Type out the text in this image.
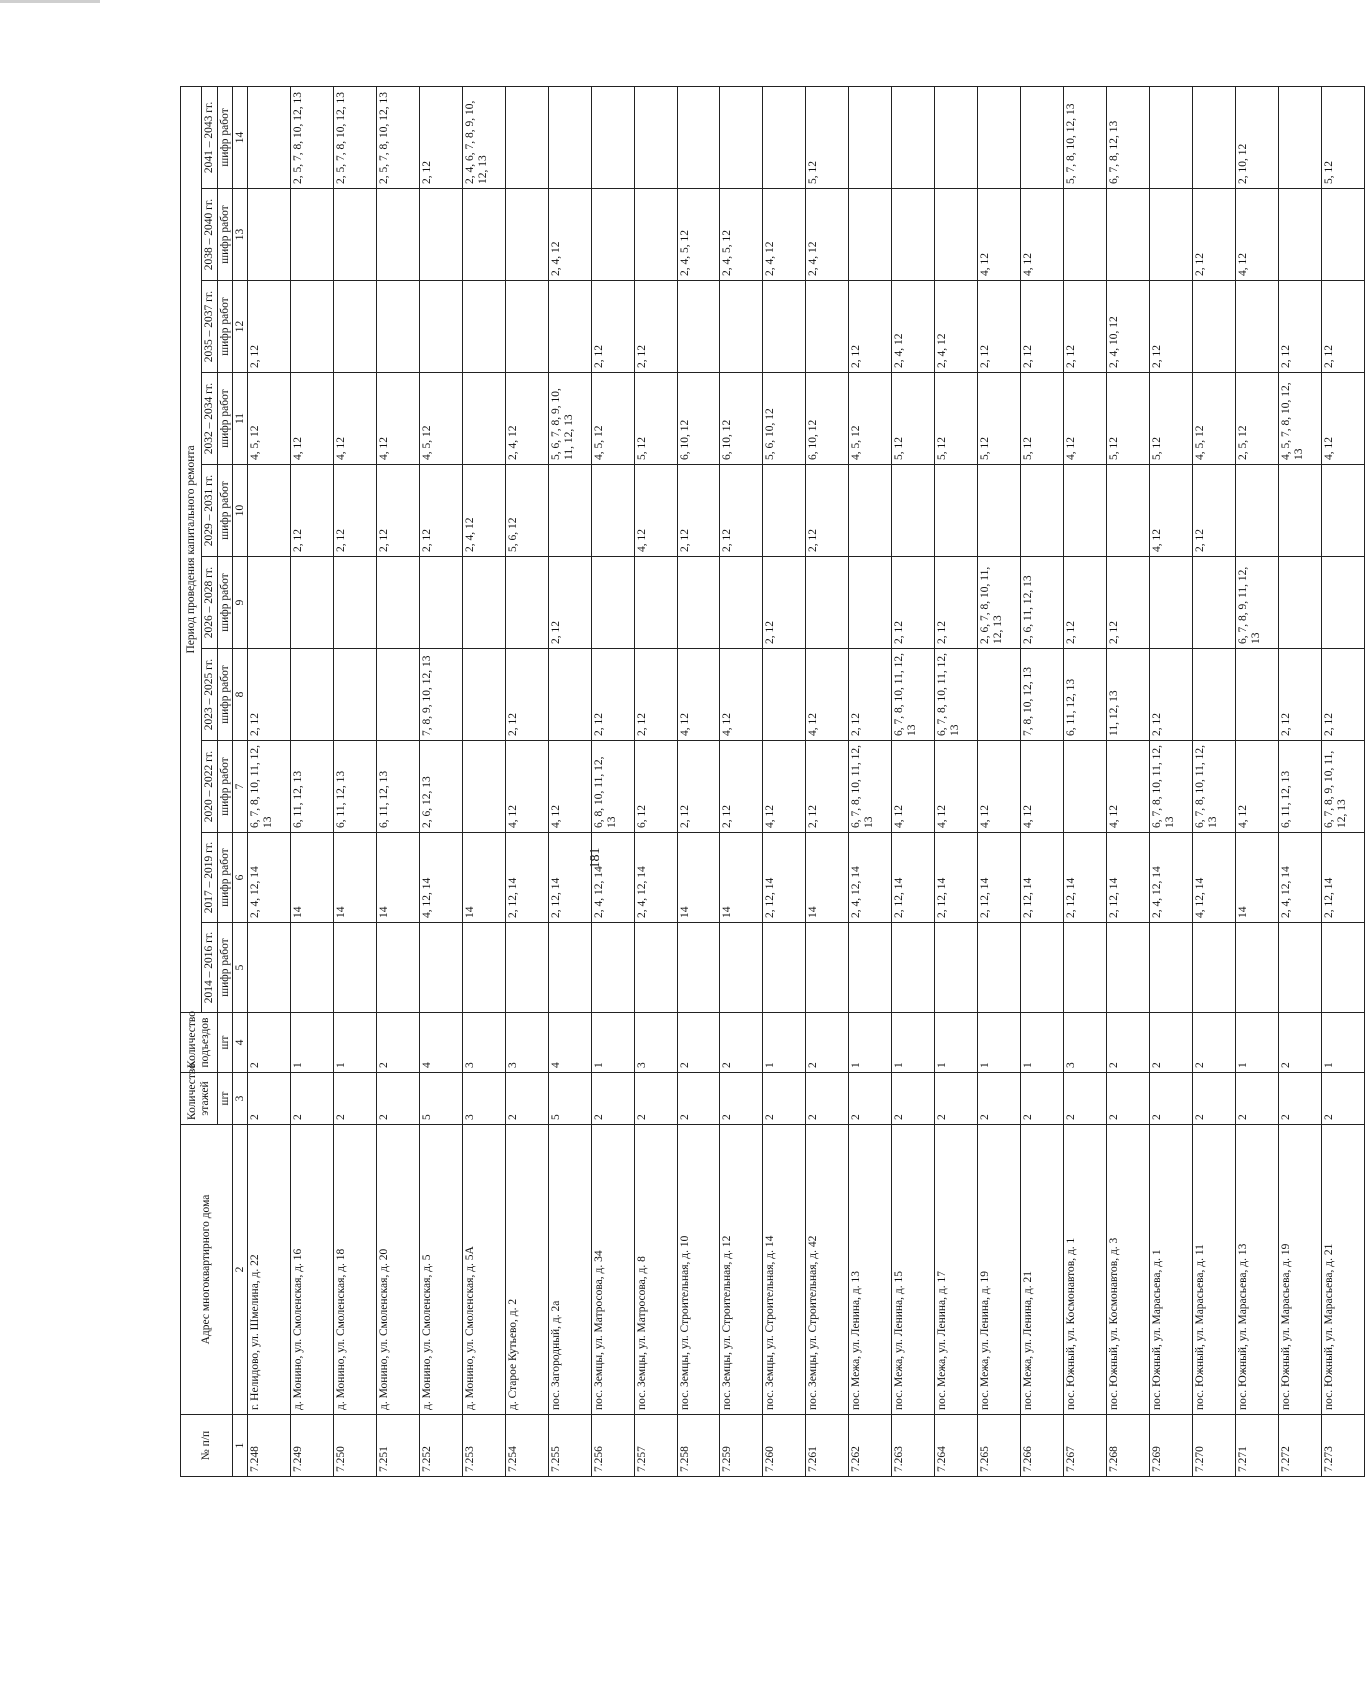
181
№ п/п	Адрес многоквартирного дома	Количество этажей	Количество подъездов	Период проведения капитального ремонта									
				2014 – 2016 гг.	2017 – 2019 гг.	2020 – 2022 гг.	2023 – 2025 гг.	2026 – 2028 гг.	2029 – 2031 гг.	2032 – 2034 гг.	2035 – 2037 гг.	2038 – 2040 гг.	2041 – 2043 гг.
		шт	шт	шифр работ	шифр работ	шифр работ	шифр работ	шифр работ	шифр работ	шифр работ	шифр работ	шифр работ	шифр работ
1	2	3	4	5	6	7	8	9	10	11	12	13	14
7.248	г. Нелидово, ул. Шмелина, д. 22	2	2		2, 4, 12, 14	6, 7, 8, 10, 11, 12, 13	2, 12			4, 5, 12	2, 12		
7.249	д. Монино, ул. Смоленская, д. 16	2	1		14	6, 11, 12, 13			2, 12	4, 12			2, 5, 7, 8, 10, 12, 13
7.250	д. Монино, ул. Смоленская, д. 18	2	1		14	6, 11, 12, 13			2, 12	4, 12			2, 5, 7, 8, 10, 12, 13
7.251	д. Монино, ул. Смоленская, д. 20	2	2		14	6, 11, 12, 13			2, 12	4, 12			2, 5, 7, 8, 10, 12, 13
7.252	д. Монино, ул. Смоленская, д. 5	5	4		4, 12, 14	2, 6, 12, 13	7, 8, 9, 10, 12, 13		2, 12	4, 5, 12			2, 12
7.253	д. Монино, ул. Смоленская, д. 5А	3	3		14				2, 4, 12				2, 4, 6, 7, 8, 9, 10, 12, 13
7.254	д. Старое Кутьево, д. 2	2	3		2, 12, 14	4, 12	2, 12		5, 6, 12	2, 4, 12			
7.255	пос. Загородный, д. 2а	5	4		2, 12, 14	4, 12		2, 12		5, 6, 7, 8, 9, 10, 11, 12, 13		2, 4, 12	
7.256	пос. Земцы, ул. Матросова, д. 34	2	1		2, 4, 12, 14	6, 8, 10, 11, 12, 13	2, 12			4, 5, 12	2, 12		
7.257	пос. Земцы, ул. Матросова, д. 8	2	3		2, 4, 12, 14	6, 12	2, 12		4, 12	5, 12	2, 12		
7.258	пос. Земцы, ул. Строительная, д. 10	2	2		14	2, 12	4, 12		2, 12	6, 10, 12		2, 4, 5, 12	
7.259	пос. Земцы, ул. Строительная, д. 12	2	2		14	2, 12	4, 12		2, 12	6, 10, 12		2, 4, 5, 12	
7.260	пос. Земцы, ул. Строительная, д. 14	2	1		2, 12, 14	4, 12		2, 12		5, 6, 10, 12		2, 4, 12	
7.261	пос. Земцы, ул. Строительная, д. 42	2	2		14	2, 12	4, 12		2, 12	6, 10, 12		2, 4, 12	5, 12
7.262	пос. Межа, ул. Ленина, д. 13	2	1		2, 4, 12, 14	6, 7, 8, 10, 11, 12, 13	2, 12			4, 5, 12	2, 12		
7.263	пос. Межа, ул. Ленина, д. 15	2	1		2, 12, 14	4, 12	6, 7, 8, 10, 11, 12, 13	2, 12		5, 12	2, 4, 12		
7.264	пос. Межа, ул. Ленина, д. 17	2	1		2, 12, 14	4, 12	6, 7, 8, 10, 11, 12, 13	2, 12		5, 12	2, 4, 12		
7.265	пос. Межа, ул. Ленина, д. 19	2	1		2, 12, 14	4, 12		2, 6, 7, 8, 10, 11, 12, 13		5, 12	2, 12	4, 12	
7.266	пос. Межа, ул. Ленина, д. 21	2	1		2, 12, 14	4, 12	7, 8, 10, 12, 13	2, 6, 11, 12, 13		5, 12	2, 12	4, 12	
7.267	пос. Южный, ул. Космонавтов, д. 1	2	3		2, 12, 14		6, 11, 12, 13	2, 12		4, 12	2, 12		5, 7, 8, 10, 12, 13
7.268	пос. Южный, ул. Космонавтов, д. 3	2	2		2, 12, 14	4, 12	11, 12, 13	2, 12		5, 12	2, 4, 10, 12		6, 7, 8, 12, 13
7.269	пос. Южный, ул. Марасьева, д. 1	2	2		2, 4, 12, 14	6, 7, 8, 10, 11, 12, 13	2, 12		4, 12	5, 12	2, 12		
7.270	пос. Южный, ул. Марасьева, д. 11	2	2		4, 12, 14	6, 7, 8, 10, 11, 12, 13			2, 12	4, 5, 12		2, 12	
7.271	пос. Южный, ул. Марасьева, д. 13	2	1		14	4, 12		6, 7, 8, 9, 11, 12, 13		2, 5, 12		4, 12	2, 10, 12
7.272	пос. Южный, ул. Марасьева, д. 19	2	2		2, 4, 12, 14	6, 11, 12, 13	2, 12			4, 5, 7, 8, 10, 12, 13	2, 12		
7.273	пос. Южный, ул. Марасьева, д. 21	2	1		2, 12, 14	6, 7, 8, 9, 10, 11, 12, 13	2, 12			4, 12	2, 12		5, 12
